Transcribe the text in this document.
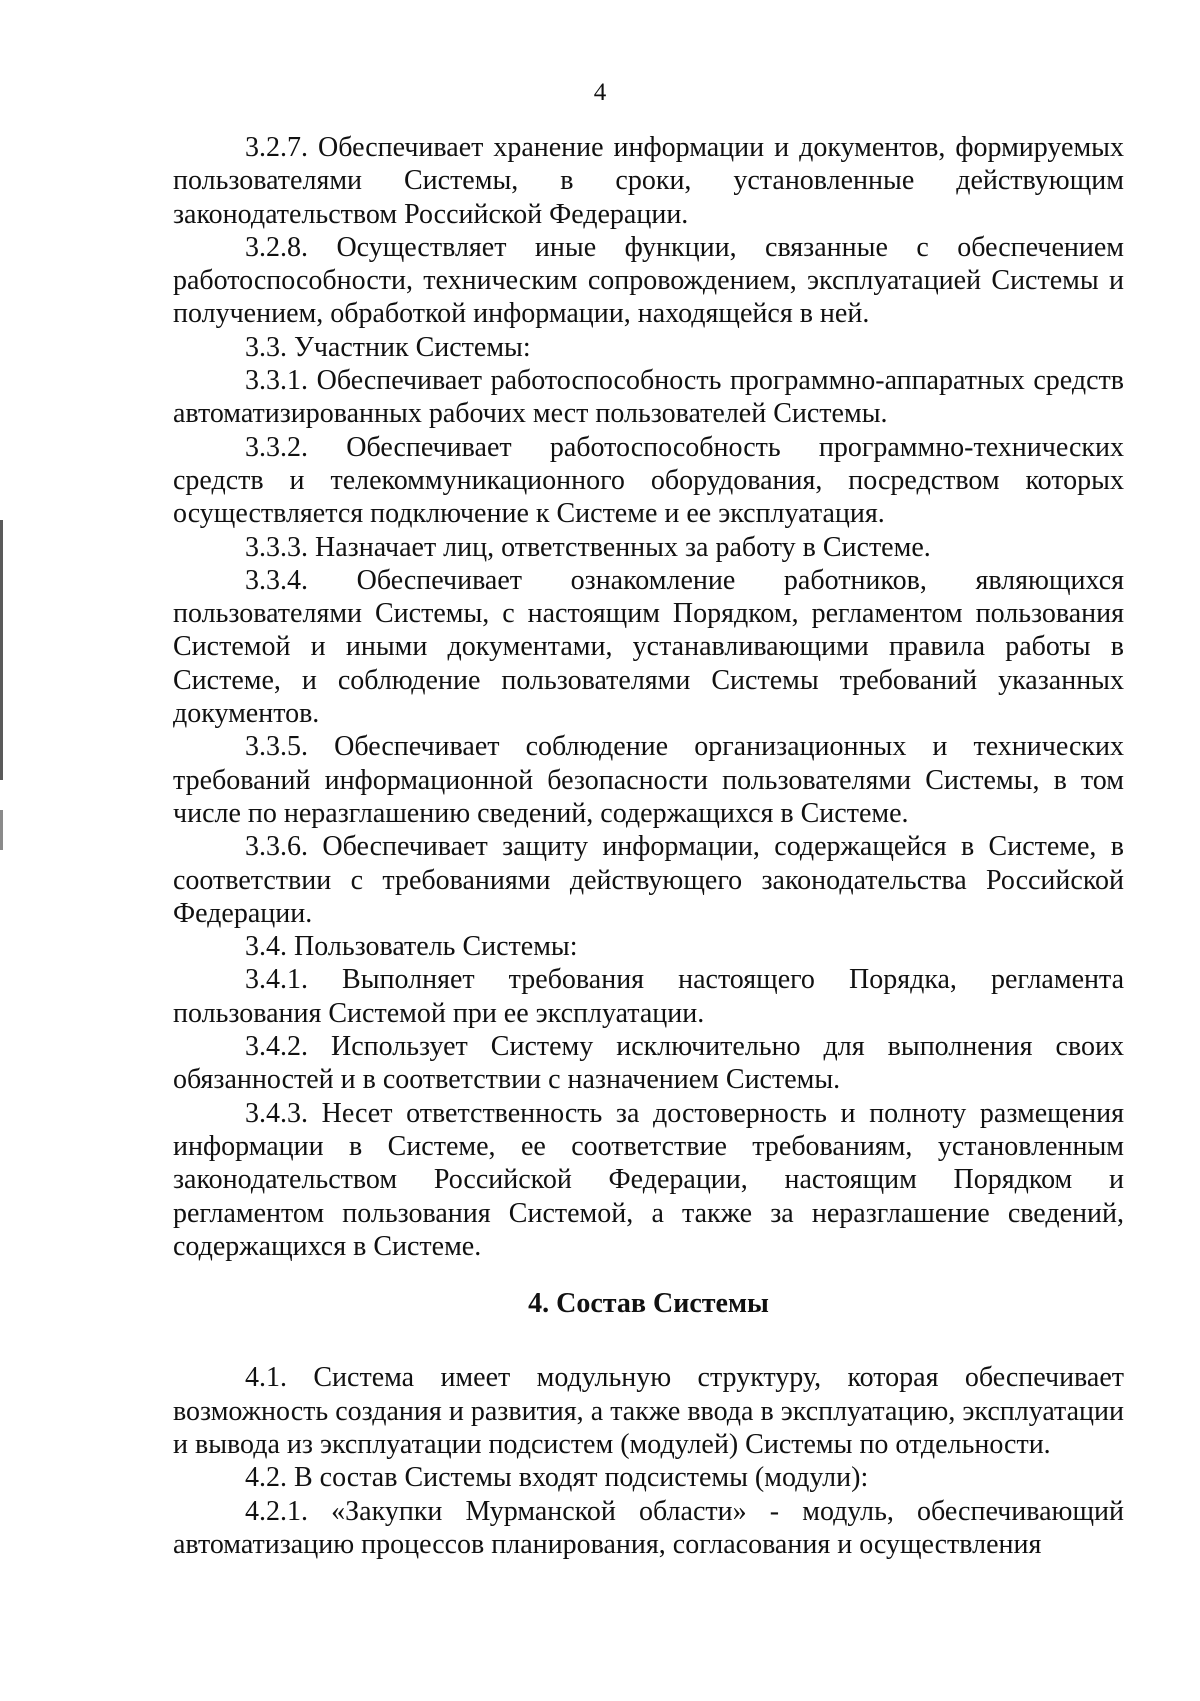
4

3.2.7. Обеспечивает хранение информации и документов, формируемых пользователями Системы, в сроки, установленные действующим законодательством Российской Федерации.

3.2.8. Осуществляет иные функции, связанные с обеспечением работоспособности, техническим сопровождением, эксплуатацией Системы и получением, обработкой информации, находящейся в ней.

3.3. Участник Системы:

3.3.1. Обеспечивает работоспособность программно-аппаратных средств автоматизированных рабочих мест пользователей Системы.

3.3.2. Обеспечивает работоспособность программно-технических средств и телекоммуникационного оборудования, посредством которых осуществляется подключение к Системе и ее эксплуатация.

3.3.3. Назначает лиц, ответственных за работу в Системе.

3.3.4. Обеспечивает ознакомление работников, являющихся пользователями Системы, с настоящим Порядком, регламентом пользования Системой и иными документами, устанавливающими правила работы в Системе, и соблюдение пользователями Системы требований указанных документов.

3.3.5. Обеспечивает соблюдение организационных и технических требований информационной безопасности пользователями Системы, в том числе по неразглашению сведений, содержащихся в Системе.

3.3.6. Обеспечивает защиту информации, содержащейся в Системе, в соответствии с требованиями действующего законодательства Российской Федерации.

3.4. Пользователь Системы:

3.4.1. Выполняет требования настоящего Порядка, регламента пользования Системой при ее эксплуатации.

3.4.2. Использует Систему исключительно для выполнения своих обязанностей и в соответствии с назначением Системы.

3.4.3. Несет ответственность за достоверность и полноту размещения информации в Системе, ее соответствие требованиям, установленным законодательством Российской Федерации, настоящим Порядком и регламентом пользования Системой, а также за неразглашение сведений, содержащихся в Системе.

4. Состав Системы

4.1. Система имеет модульную структуру, которая обеспечивает возможность создания и развития, а также ввода в эксплуатацию, эксплуатации и вывода из эксплуатации подсистем (модулей) Системы по отдельности.

4.2. В состав Системы входят подсистемы (модули):

4.2.1. «Закупки Мурманской области» - модуль, обеспечивающий автоматизацию процессов планирования, согласования и осуществления
